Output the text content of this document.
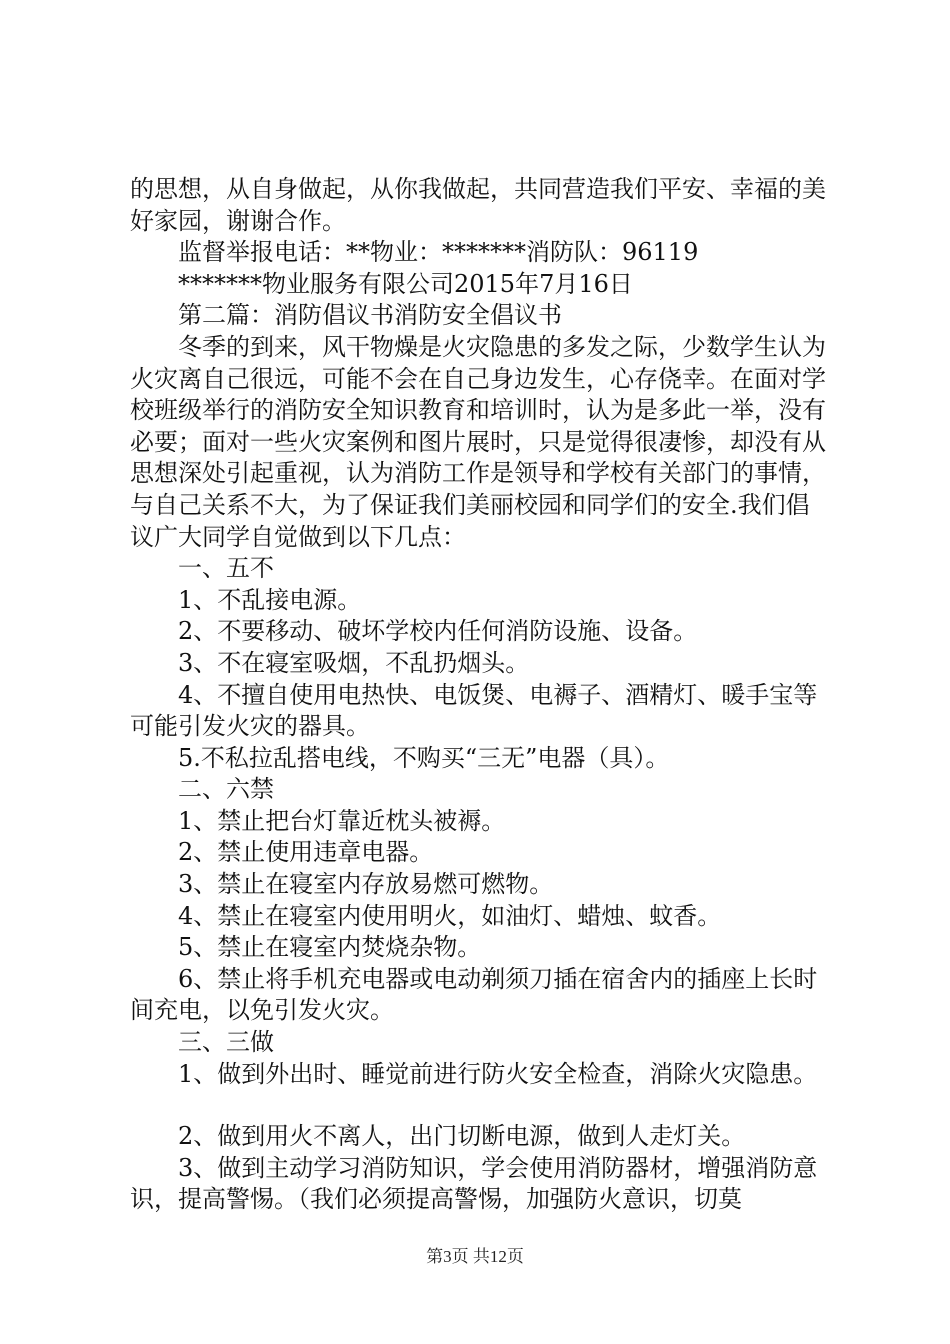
的思想，从自身做起，从你我做起，共同营造我们平安、幸福的美好家园，谢谢合作。

监督举报电话：**物业：*******消防队：96119

*******物业服务有限公司2015年7月16日

第二篇：消防倡议书消防安全倡议书

冬季的到来，风干物燥是火灾隐患的多发之际，少数学生认为火灾离自己很远，可能不会在自己身边发生，心存侥幸。在面对学校班级举行的消防安全知识教育和培训时，认为是多此一举，没有必要；面对一些火灾案例和图片展时，只是觉得很凄惨，却没有从思想深处引起重视，认为消防工作是领导和学校有关部门的事情，与自己关系不大，为了保证我们美丽校园和同学们的安全.我们倡议广大同学自觉做到以下几点：

一、五不

1、不乱接电源。

2、不要移动、破坏学校内任何消防设施、设备。

3、不在寝室吸烟，不乱扔烟头。

4、不擅自使用电热快、电饭煲、电褥子、酒精灯、暖手宝等可能引发火灾的器具。

5.不私拉乱搭电线，不购买“三无”电器（具）。

二、六禁

1、禁止把台灯靠近枕头被褥。

2、禁止使用违章电器。

3、禁止在寝室内存放易燃可燃物。

4、禁止在寝室内使用明火，如油灯、蜡烛、蚊香。

5、禁止在寝室内焚烧杂物。

6、禁止将手机充电器或电动剃须刀插在宿舍内的插座上长时间充电，以免引发火灾。

三、三做

1、做到外出时、睡觉前进行防火安全检查，消除火灾隐患。

2、做到用火不离人，出门切断电源，做到人走灯关。

3、做到主动学习消防知识，学会使用消防器材，增强消防意识，提高警惕。（我们必须提高警惕，加强防火意识，切莫

第3页 共12页
